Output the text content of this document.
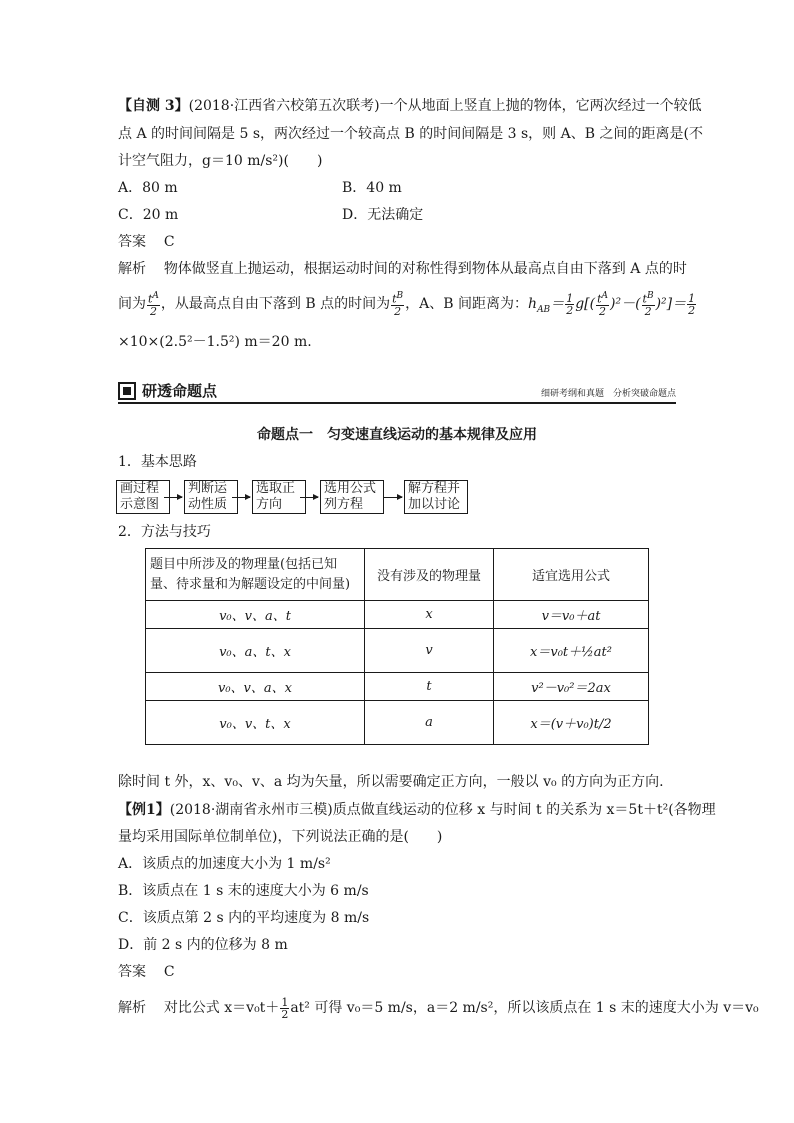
【自测 3】(2018·江西省六校第五次联考)一个从地面上竖直上抛的物体，它两次经过一个较低
点 A 的时间间隔是 5 s，两次经过一个较高点 B 的时间间隔是 3 s，则 A、B 之间的距离是(不
计空气阻力，g＝10 m/s²)(　　)
A．80 m	B．40 m
C．20 m	D．无法确定
答案 C
解析 物体做竖直上抛运动，根据运动时间的对称性得到物体从最高点自由下落到 A 点的时
间为 $\frac{t^A}{2}$ ，从最高点自由下落到 B 点的时间为 $\frac{t^B}{2}$ ，A、B 间距离为：$h_{AB}= \frac{1}{2} g[( \frac{t^A}{2} )^2-( \frac{t^B}{2} )^2]= \frac{1}{2}$
×10×(2.5²－1.5²) m＝20 m.
研透命题点	细研考纲和真题　分析突破命题点
命题点一　匀变速直线运动的基本规律及应用
1．基本思路
画过程示意图
判断运动性质
选取正方向
选用公式列方程
解方程并加以讨论
2．方法与技巧
题目中所涉及的物理量(包括已知量、待求量和为解题设定的中间量)	没有涉及的物理量	适宜选用公式
v₀、v、a、t	x	v＝v₀＋at
v₀、a、t、x	v	x＝v₀t＋½at²
v₀、v、a、x	t	v²－v₀²＝2ax
v₀、v、t、x	a	x＝(v＋v₀)t/2
除时间 t 外，x、v₀、v、a 均为矢量，所以需要确定正方向，一般以 v₀ 的方向为正方向.
【例1】(2018·湖南省永州市三模)质点做直线运动的位移 x 与时间 t 的关系为 x＝5t＋t²(各物理
量均采用国际单位制单位)，下列说法正确的是(　　)
A．该质点的加速度大小为 1 m/s²
B．该质点在 1 s 末的速度大小为 6 m/s
C．该质点第 2 s 内的平均速度为 8 m/s
D．前 2 s 内的位移为 8 m
答案 C
解析 对比公式 $x=v_0t+ \frac{1}{2} at^2$ 可得 v₀＝5 m/s，a＝2 m/s²，所以该质点在 1 s 末的速度大小为 v＝v₀
